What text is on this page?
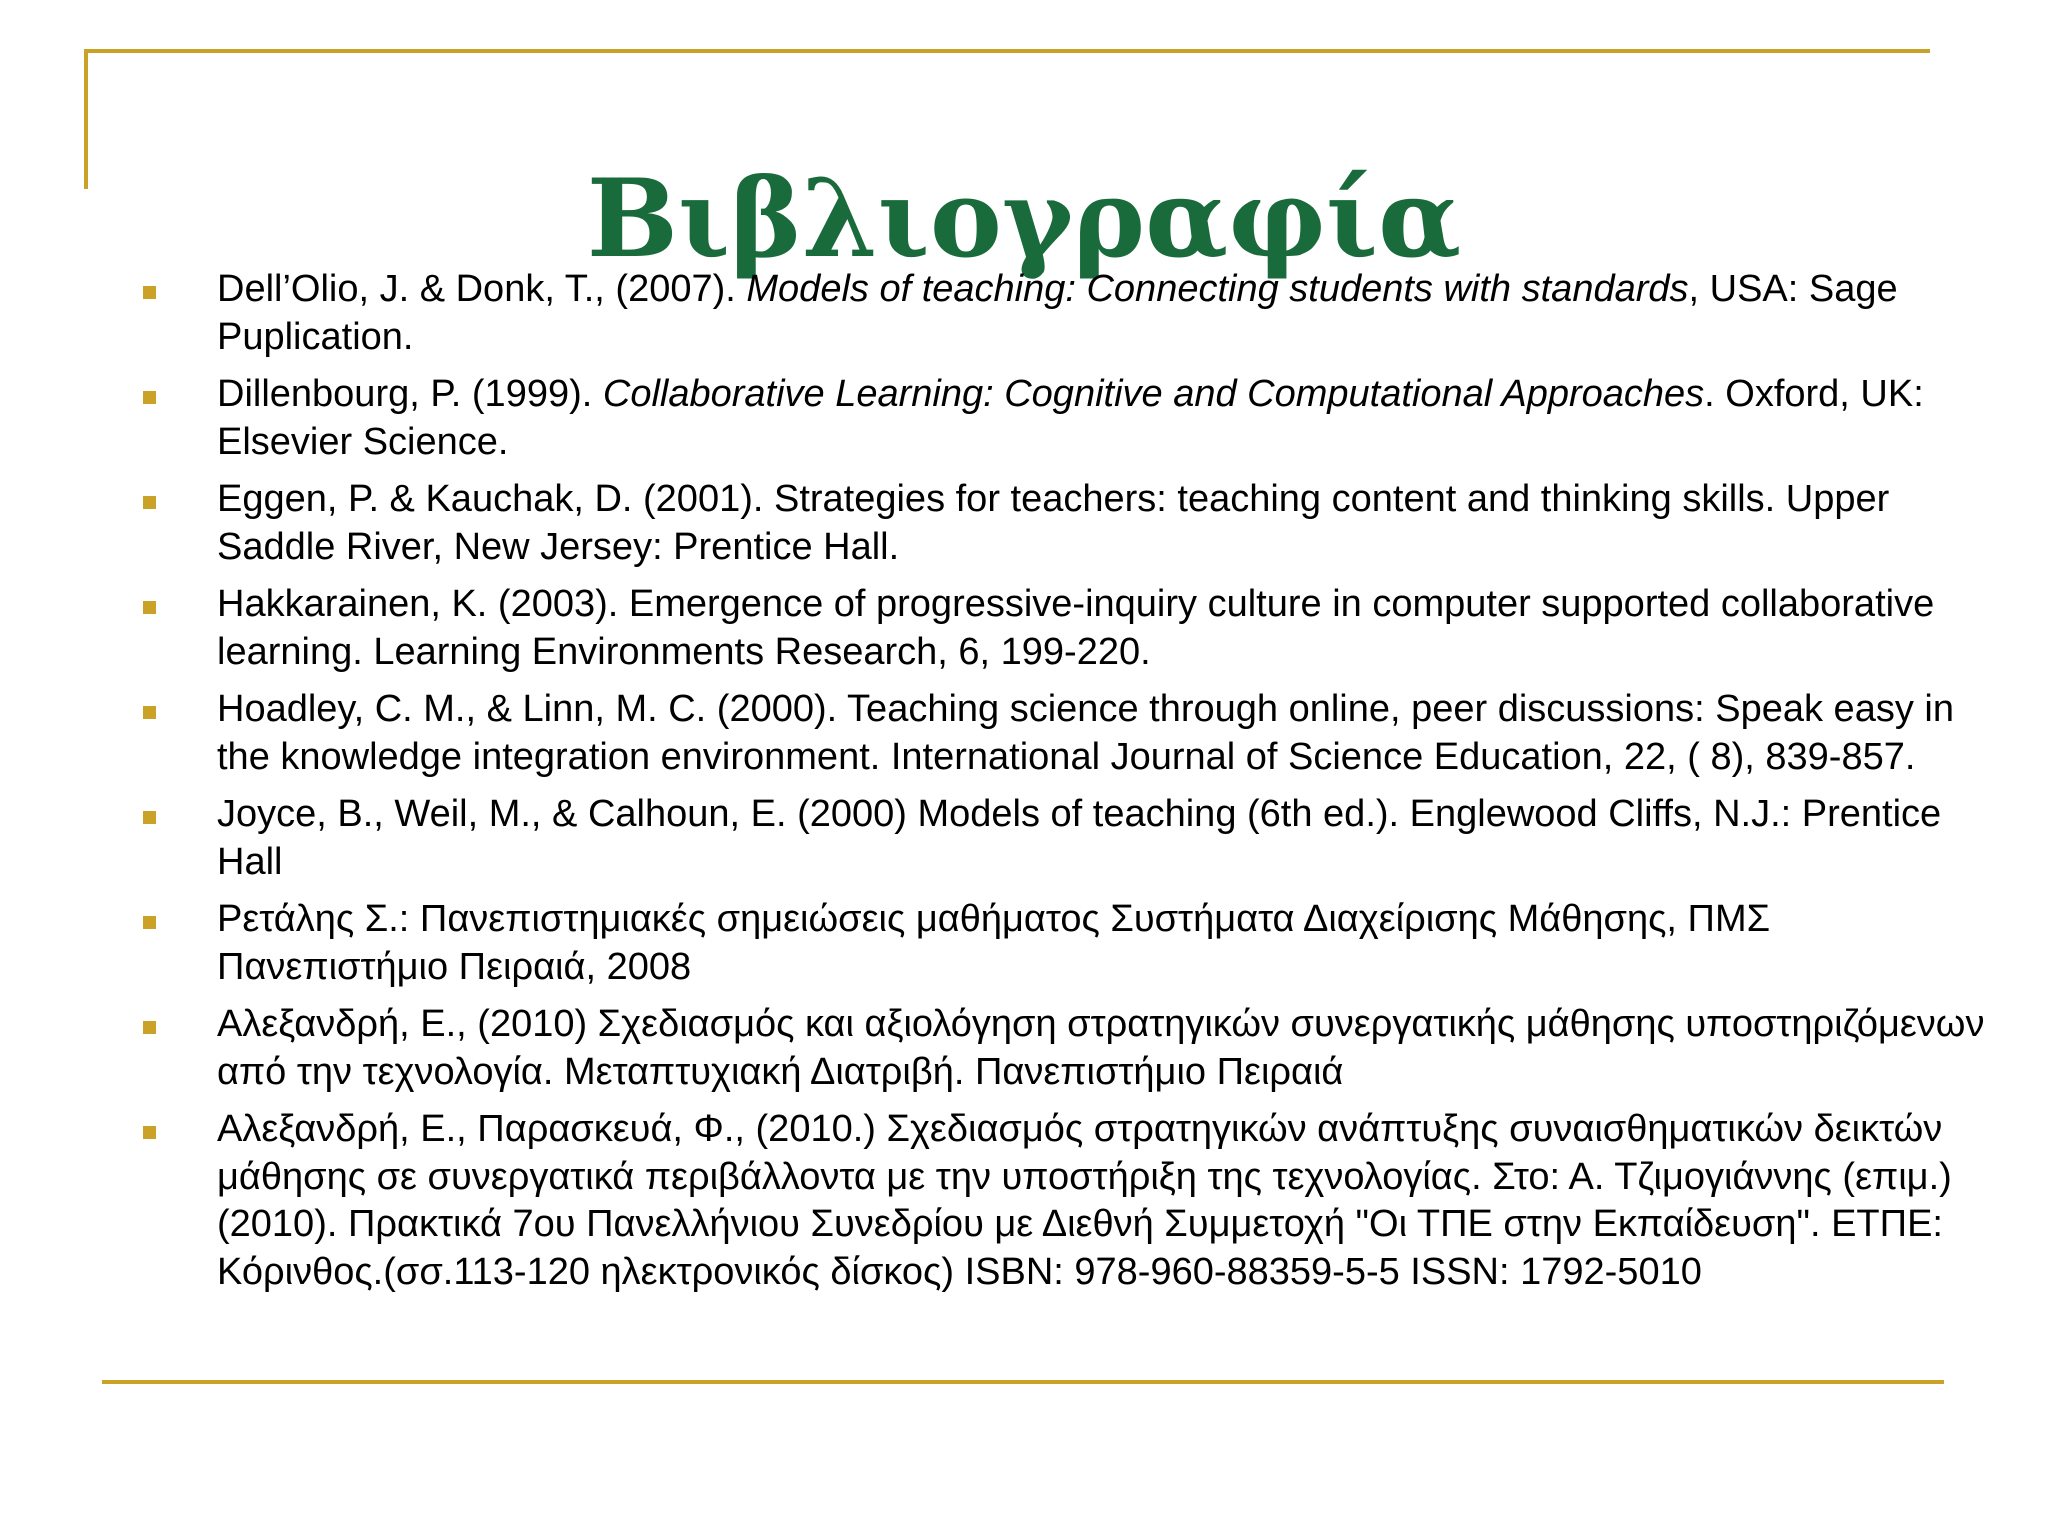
Βιβλιογραφία
Dell’Olio, J. & Donk, T., (2007). Models of teaching: Connecting students with standards, USA: Sage Puplication.
Dillenbourg, P. (1999). Collaborative Learning: Cognitive and Computational Approaches. Oxford, UK: Elsevier Science.
Eggen, P. & Kauchak, D. (2001). Strategies for teachers: teaching content and thinking skills. Upper Saddle River, New Jersey: Prentice Hall.
Hakkarainen, K. (2003). Emergence of progressive-inquiry culture in computer supported collaborative learning. Learning Environments Research, 6, 199-220.
Hoadley, C. M., & Linn, M. C. (2000). Teaching science through online, peer discussions: Speak easy in the knowledge integration environment. International Journal of Science Education, 22, ( 8), 839-857.
Joyce, B., Weil, M., & Calhoun, E. (2000) Models of teaching (6th ed.). Englewood Cliffs, N.J.: Prentice Hall
Ρετάλης Σ.: Πανεπιστημιακές σημειώσεις μαθήματος Συστήματα Διαχείρισης Μάθησης, ΠΜΣ Πανεπιστήμιο Πειραιά, 2008
Αλεξανδρή, Ε., (2010) Σχεδιασμός και αξιολόγηση στρατηγικών συνεργατικής μάθησης υποστηριζόμενων από την τεχνολογία. Μεταπτυχιακή Διατριβή. Πανεπιστήμιο Πειραιά
Αλεξανδρή, Ε., Παρασκευά, Φ., (2010.) Σχεδιασμός στρατηγικών ανάπτυξης συναισθηματικών δεικτών μάθησης σε συνεργατικά περιβάλλοντα με την υποστήριξη της τεχνολογίας. Στο: Α. Τζιμογιάννης (επιμ.) (2010). Πρακτικά 7ου Πανελλήνιου Συνεδρίου με Διεθνή Συμμετοχή "Οι ΤΠΕ στην Εκπαίδευση". ΕΤΠΕ: Κόρινθος.(σσ.113-120 ηλεκτρονικός δίσκος) ISBN: 978-960-88359-5-5 ISSN: 1792-5010
